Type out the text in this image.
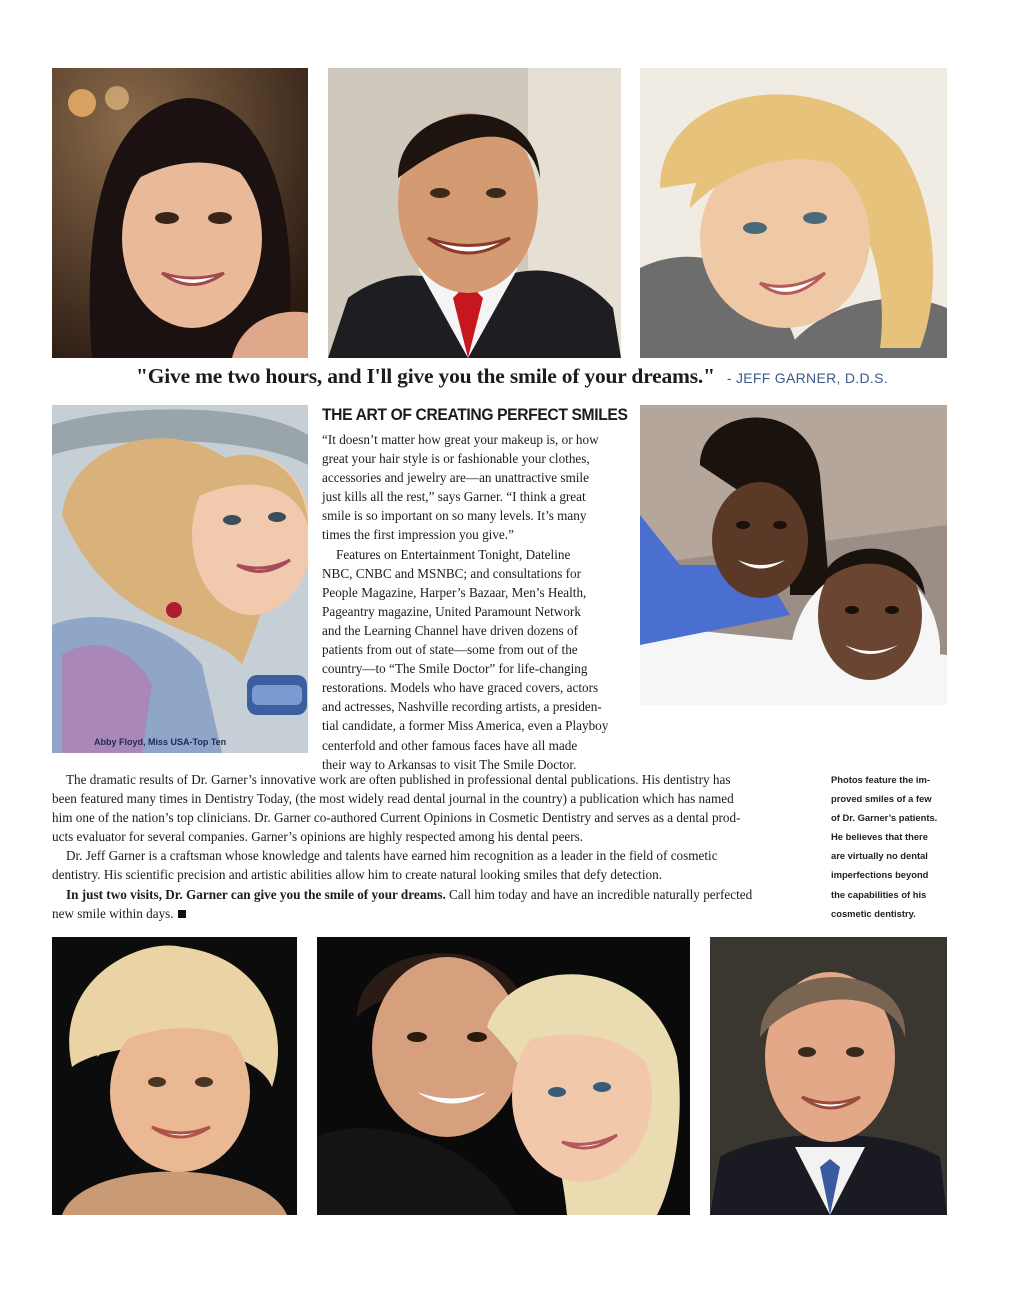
"Give me two hours, and I'll give you the smile of your dreams." - JEFF GARNER, D.D.S.
Abby Floyd, Miss USA-Top Ten
THE ART OF CREATING PERFECT SMILES
“It doesn’t matter how great your makeup is, or how
great your hair style is or fashionable your clothes,
accessories and jewelry are—an unattractive smile
just kills all the rest,” says Garner. “I think a great
smile is so important on so many levels. It’s many
times the first impression you give.”
Features on Entertainment Tonight, Dateline
NBC, CNBC and MSNBC; and consultations for
People Magazine, Harper’s Bazaar, Men’s Health,
Pageantry magazine, United Paramount Network
and the Learning Channel have driven dozens of
patients from out of state—some from out of the
country—to “The Smile Doctor” for life-changing
restorations. Models who have graced covers, actors
and actresses, Nashville recording artists, a presiden-
tial candidate, a former Miss America, even a Playboy
centerfold and other famous faces have all made
their way to Arkansas to visit The Smile Doctor.
The dramatic results of Dr. Garner’s innovative work are often published in professional dental publications. His dentistry has
been featured many times in Dentistry Today, (the most widely read dental journal in the country) a publication which has named
him one of the nation’s top clinicians. Dr. Garner co-authored Current Opinions in Cosmetic Dentistry and serves as a dental prod-
ucts evaluator for several companies. Garner’s opinions are highly respected among his dental peers.
Dr. Jeff Garner is a craftsman whose knowledge and talents have earned him recognition as a leader in the field of cosmetic
dentistry. His scientific precision and artistic abilities allow him to create natural looking smiles that defy detection.
In just two visits, Dr. Garner can give you the smile of your dreams. Call him today and have an incredible naturally perfected
new smile within days.
Photos feature the im-
proved smiles of a few
of Dr. Garner’s patients.
He believes that there
are virtually no dental
imperfections beyond
the capabilities of his
cosmetic dentistry.
